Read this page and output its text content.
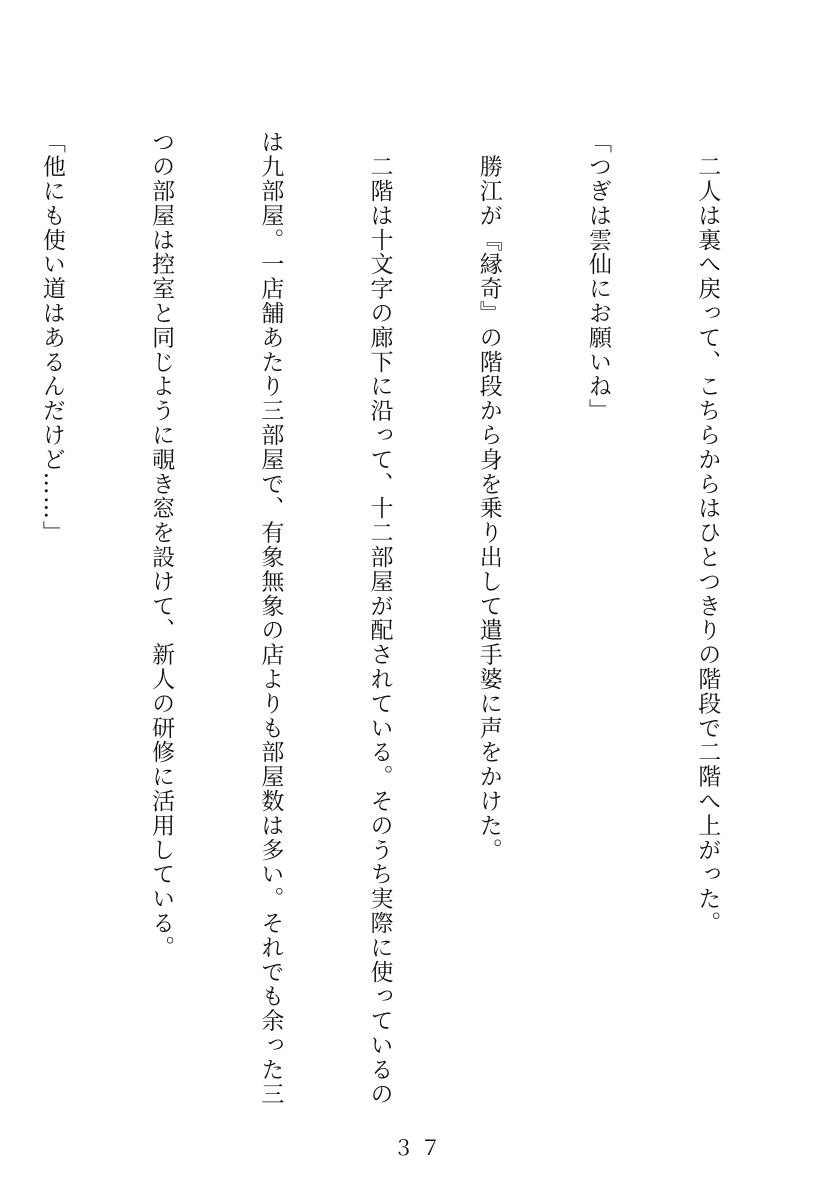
　二人は裏へ戻って、こちらからはひとつきりの階段で二階へ上がった。

「つぎは雲仙にお願いね」

　勝江が『縁奇』の階段から身を乗り出して遣手婆に声をかけた。

　二階は十文字の廊下に沿って、十二部屋が配されている。そのうち実際に使っているの

は九部屋。一店舗あたり三部屋で、有象無象の店よりも部屋数は多い。それでも余った三

つの部屋は控室と同じように覗き窓を設けて、新人の研修に活用している。

「他にも使い道はあるんだけど……」

３７
